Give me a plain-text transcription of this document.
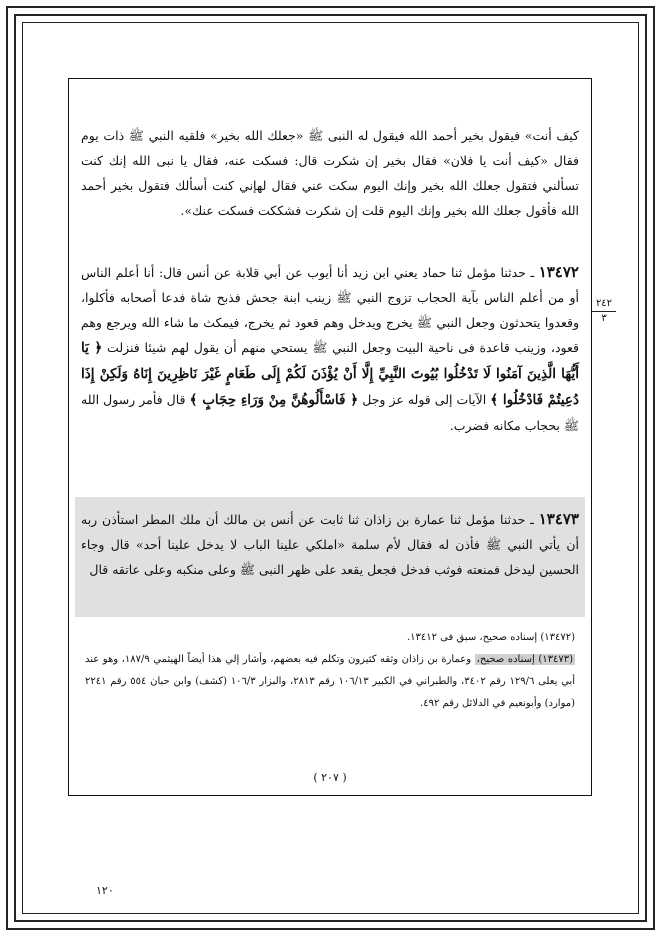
كيف أنت» فيقول بخير أحمد الله فيقول له النبى ﷺ «جعلك الله بخير» فلقيه النبي ﷺ ذات يوم فقال «كيف أنت يا فلان» فقال بخير إن شكرت قال: فسكت عنه، فقال يا نبى الله إنك كنت تسألني فتقول جعلك الله بخير وإنك اليوم سكت عني فقال لهإني كنت أسألك فتقول بخير أحمد الله فأقول جعلك الله بخير وإنك اليوم قلت إن شكرت فشككت فسكت عنك».

١٣٤٧٢ ـ حدثنا مؤمل ثنا حماد يعني ابن زيد أنا أيوب عن أبي قلابة عن أنس قال: أنا أعلم الناس أو من أعلم الناس بآية الحجاب تزوج النبي ﷺ زينب ابنة جحش فذبح شاة فدعا أصحابه فأكلوا، وقعدوا يتحدثون وجعل النبي ﷺ يخرج ويدخل وهم قعود ثم يخرج، فيمكث ما شاء الله ويرجع وهم قعود، وزينب قاعدة فى ناحية البيت وجعل النبي ﷺ يستحي منهم أن يقول لهم شيئا فنزلت ﴿ يَا أَيُّهَا الَّذِينَ آمَنُوا لَا تَدْخُلُوا بُيُوتَ النَّبِيِّ إِلَّا أَنْ يُؤْذَنَ لَكُمْ إِلَى طَعَامٍ غَيْرَ نَاظِرِينَ إِنَاهُ وَلَكِنْ إِذَا دُعِيتُمْ فَادْخُلُوا ﴾ الآيات إلى قوله عز وجل ﴿ فَاسْأَلُوهُنَّ مِنْ وَرَاءِ حِجَابٍ ﴾ قال فأمر رسول الله ﷺ بحجاب مكانه فضرب.

١٣٤٧٣ ـ حدثنا مؤمل ثنا عمارة بن زاذان ثنا ثابت عن أنس بن مالك أن ملك المطر استأذن ربه أن يأتي النبي ﷺ فأذن له فقال لأم سلمة «املكي علينا الباب لا يدخل علينا أحد» قال وجاء الحسين ليدخل فمنعته فوثب فدخل فجعل يقعد على ظهر النبى ﷺ وعلى منكبه وعلى عاتقه قال

(١٣٤٧٢) إسناده صحيح، سبق فى ١٣٤١٢.

(١٣٤٧٣) إسناده صحيح، وعمارة بن زاذان وثقه كثيرون وتكلم فيه بعضهم، وأشار إلي هذا أيضاً الهيثمي ١٨٧/٩، وهو عند أبي يعلى ١٢٩/٦ رقم ٣٤٠٢، والطبراني في الكبير ١٠٦/١٣ رقم ٢٨١٣، والبزار ١٠٦/٣ (كشف) وابن حبان ٥٥٤ رقم ٢٢٤١ (موارد) وأبونعيم في الدلائل رقم ٤٩٢.

( ٢٠٧ )
٢٤٢
٣
١٢٠
